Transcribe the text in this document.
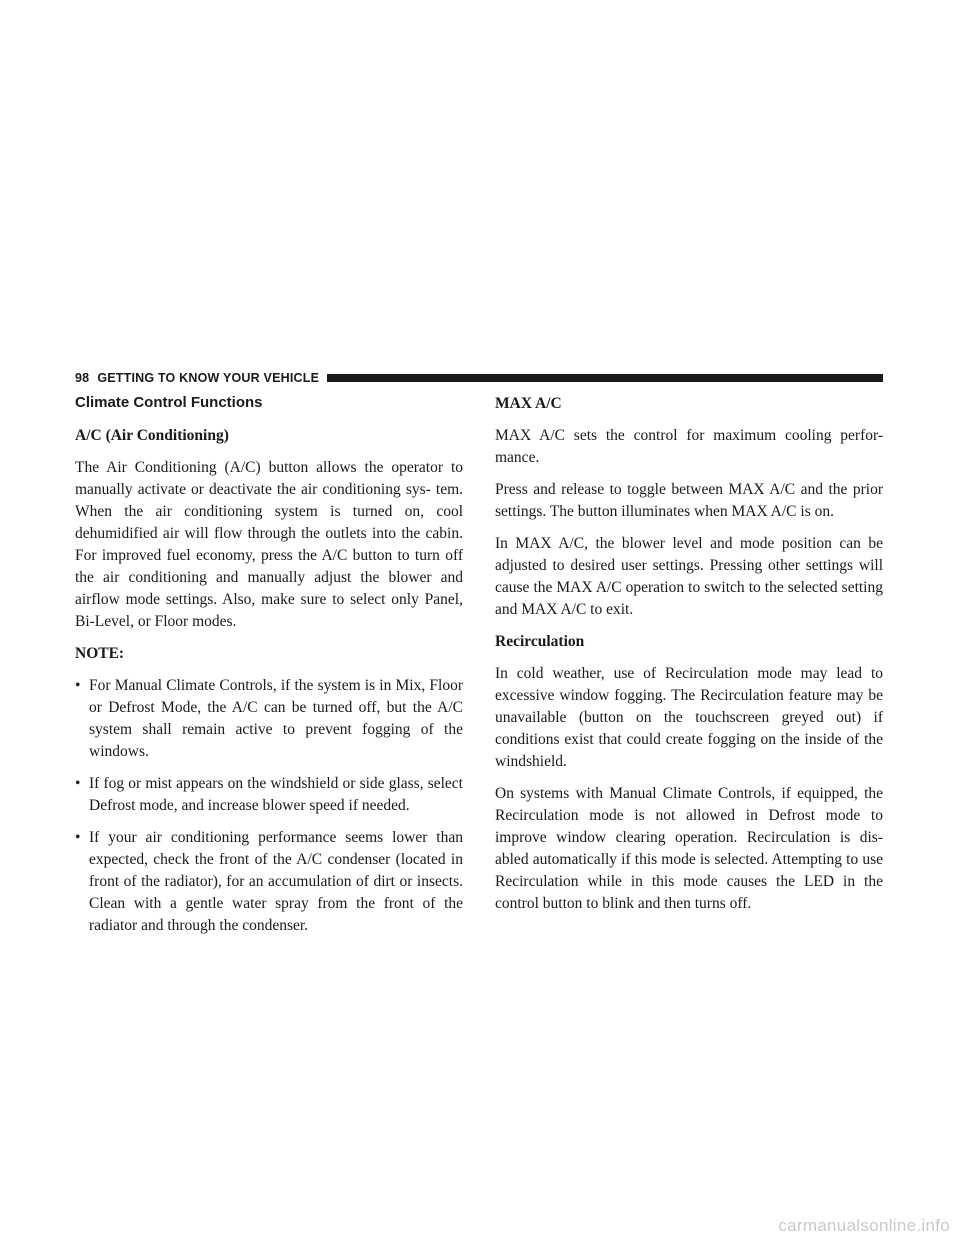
98 GETTING TO KNOW YOUR VEHICLE
Climate Control Functions
A/C (Air Conditioning)

The Air Conditioning (A/C) button allows the operator to manually activate or deactivate the air conditioning sys- tem. When the air conditioning system is turned on, cool dehumidified air will flow through the outlets into the cabin. For improved fuel economy, press the A/C button to turn off the air conditioning and manually adjust the blower and airflow mode settings. Also, make sure to select only Panel, Bi-Level, or Floor modes.

NOTE:
• For Manual Climate Controls, if the system is in Mix, Floor or Defrost Mode, the A/C can be turned off, but the A/C system shall remain active to prevent fogging of the windows.

• If fog or mist appears on the windshield or side glass, select Defrost mode, and increase blower speed if needed.

• If your air conditioning performance seems lower than expected, check the front of the A/C condenser (located in front of the radiator), for an accumulation of dirt or insects. Clean with a gentle water spray from the front of the radiator and through the condenser.

MAX A/C

MAX A/C sets the control for maximum cooling perfor- mance.

Press and release to toggle between MAX A/C and the prior settings. The button illuminates when MAX A/C is on.

In MAX A/C, the blower level and mode position can be adjusted to desired user settings. Pressing other settings will cause the MAX A/C operation to switch to the selected setting and MAX A/C to exit.

Recirculation

In cold weather, use of Recirculation mode may lead to excessive window fogging. The Recirculation feature may be unavailable (button on the touchscreen greyed out) if conditions exist that could create fogging on the inside of the windshield.

On systems with Manual Climate Controls, if equipped, the Recirculation mode is not allowed in Defrost mode to improve window clearing operation. Recirculation is dis- abled automatically if this mode is selected. Attempting to use Recirculation while in this mode causes the LED in the control button to blink and then turns off.

carmanualsonline.info
